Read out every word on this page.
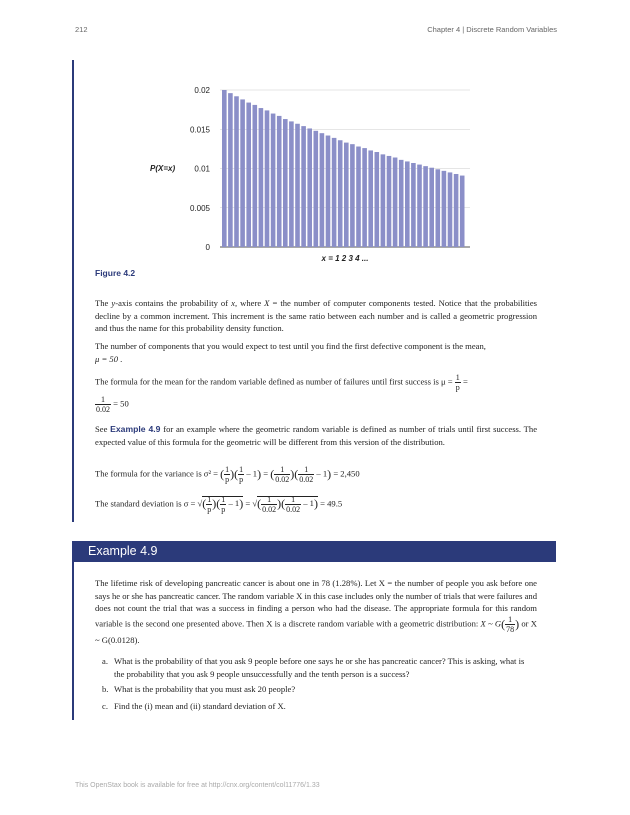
212	Chapter 4 | Discrete Random Variables
0
0.005
0.01
0.015
0.02
x = 1 2 3 4 ...
P(X=x)
Figure 4.2

The y-axis contains the probability of x, where X = the number of computer components tested. Notice that the probabilities decline by a common increment. This increment is the same ratio between each number and is called a geometric progression and thus the name for this probability density function.

The number of components that you would expect to test until you find the first defective component is the mean,
μ = 50 .

The formula for the mean for the random variable defined as number of failures until first success is $\mu = \frac{1}{p}$ =

$\frac{1}{0.02} = 50$

See Example 4.9 for an example where the geometric random variable is defined as number of trials until first success. The expected value of this formula for the geometric will be different from this version of the distribution.

The formula for the variance is σ² = ( $\frac{1}{p}$ )( $\frac{1}{p} - 1$) = ( $\frac{1}{0.02}$ )( $\frac{1}{0.02} - 1) = 2,450$

The standard deviation is σ = √( $\frac{1}{p}$ )( $\frac{1}{p} - 1$) = √( $\frac{1}{0.02}$ )( $\frac{1}{0.02} - 1) = 49.5$

Example 4.9

The lifetime risk of developing pancreatic cancer is about one in 78 (1.28%). Let X = the number of people you ask before one says he or she has pancreatic cancer. The random variable X in this case includes only the number of trials that were failures and does not count the trial that was a success in finding a person who had the disease. The appropriate formula for this random variable is the second one presented above. Then X is a discrete random variable with a geometric distribution: X ~ $G( \frac{1}{78}$ ) or X ~ G(0.0128).

a. What is the probability of that you ask 9 people before one says he or she has pancreatic cancer? This is asking, what is the probability that you ask 9 people unsuccessfully and the tenth person is a success?
b. What is the probability that you must ask 20 people?
c. Find the (i) mean and (ii) standard deviation of X.
This OpenStax book is available for free at http://cnx.org/content/col11776/1.33
